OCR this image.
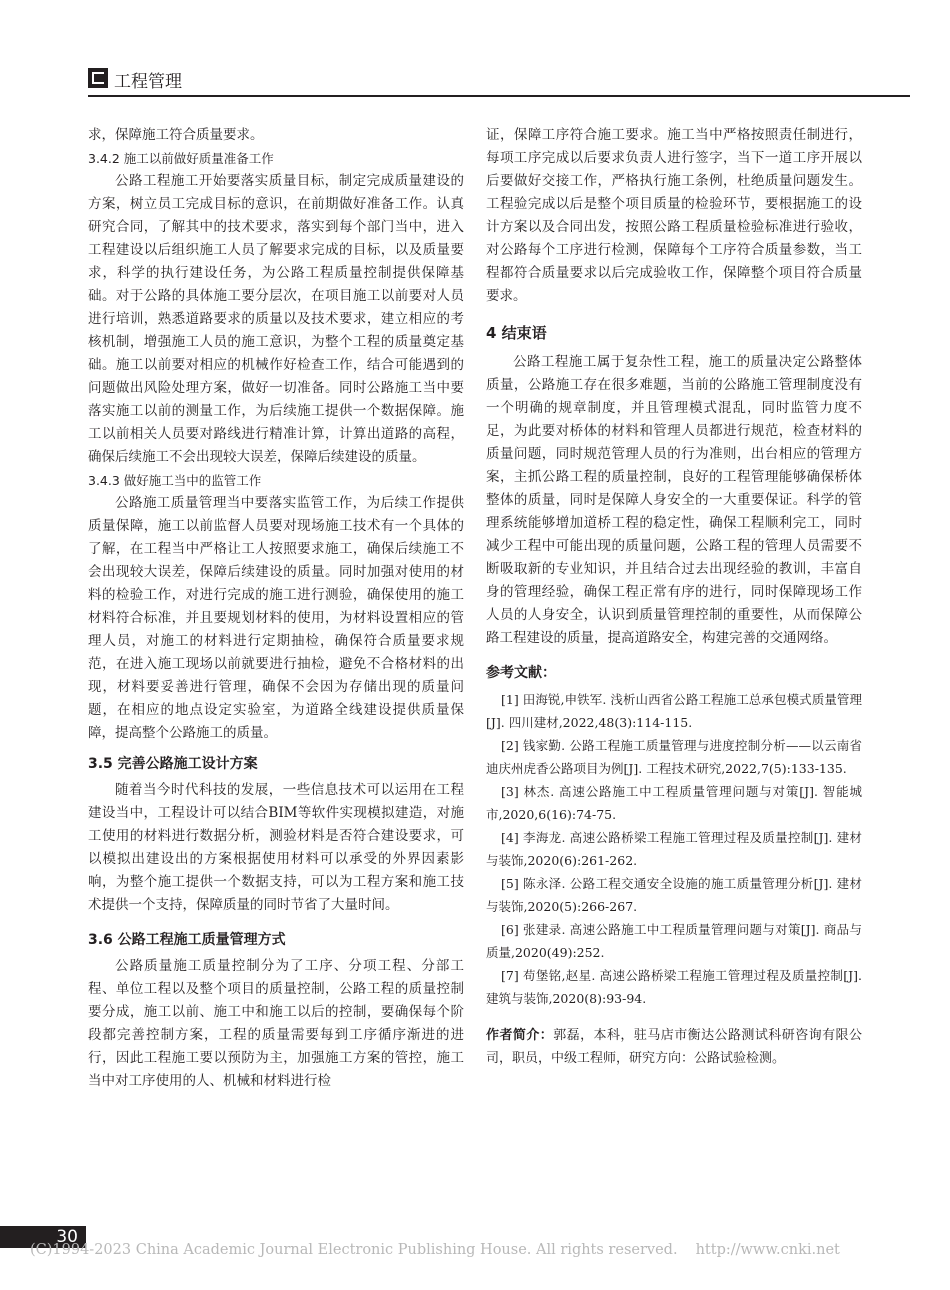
工程管理

求，保障施工符合质量要求。

3.4.2 施工以前做好质量准备工作

公路工程施工开始要落实质量目标，制定完成质量建设的方案，树立员工完成目标的意识，在前期做好准备工作。认真研究合同，了解其中的技术要求，落实到每个部门当中，进入工程建设以后组织施工人员了解要求完成的目标，以及质量要求，科学的执行建设任务，为公路工程质量控制提供保障基础。对于公路的具体施工要分层次，在项目施工以前要对人员进行培训，熟悉道路要求的质量以及技术要求，建立相应的考核机制，增强施工人员的施工意识，为整个工程的质量奠定基础。施工以前要对相应的机械作好检查工作，结合可能遇到的问题做出风险处理方案，做好一切准备。同时公路施工当中要落实施工以前的测量工作，为后续施工提供一个数据保障。施工以前相关人员要对路线进行精准计算，计算出道路的高程，确保后续施工不会出现较大误差，保障后续建设的质量。

3.4.3 做好施工当中的监管工作

公路施工质量管理当中要落实监管工作，为后续工作提供质量保障，施工以前监督人员要对现场施工技术有一个具体的了解，在工程当中严格让工人按照要求施工，确保后续施工不会出现较大误差，保障后续建设的质量。同时加强对使用的材料的检验工作，对进行完成的施工进行测验，确保使用的施工材料符合标准，并且要规划材料的使用，为材料设置相应的管理人员，对施工的材料进行定期抽检，确保符合质量要求规范，在进入施工现场以前就要进行抽检，避免不合格材料的出现，材料要妥善进行管理，确保不会因为存储出现的质量问题，在相应的地点设定实验室，为道路全线建设提供质量保障，提高整个公路施工的质量。

3.5 完善公路施工设计方案

随着当今时代科技的发展，一些信息技术可以运用在工程建设当中，工程设计可以结合BIM等软件实现模拟建造，对施工使用的材料进行数据分析，测验材料是否符合建设要求，可以模拟出建设出的方案根据使用材料可以承受的外界因素影响，为整个施工提供一个数据支持，可以为工程方案和施工技术提供一个支持，保障质量的同时节省了大量时间。

3.6 公路工程施工质量管理方式

公路质量施工质量控制分为了工序、分项工程、分部工程、单位工程以及整个项目的质量控制，公路工程的质量控制要分成，施工以前、施工中和施工以后的控制，要确保每个阶段都完善控制方案，工程的质量需要每到工序循序渐进的进行，因此工程施工要以预防为主，加强施工方案的管控，施工当中对工序使用的人、机械和材料进行检

证，保障工序符合施工要求。施工当中严格按照责任制进行，每项工序完成以后要求负责人进行签字，当下一道工序开展以后要做好交接工作，严格执行施工条例，杜绝质量问题发生。工程验完成以后是整个项目质量的检验环节，要根据施工的设计方案以及合同出发，按照公路工程质量检验标准进行验收，对公路每个工序进行检测，保障每个工序符合质量参数，当工程都符合质量要求以后完成验收工作，保障整个项目符合质量要求。

4 结束语

公路工程施工属于复杂性工程，施工的质量决定公路整体质量，公路施工存在很多难题，当前的公路施工管理制度没有一个明确的规章制度，并且管理模式混乱，同时监管力度不足，为此要对桥体的材料和管理人员都进行规范，检查材料的质量问题，同时规范管理人员的行为准则，出台相应的管理方案，主抓公路工程的质量控制，良好的工程管理能够确保桥体整体的质量，同时是保障人身安全的一大重要保证。科学的管理系统能够增加道桥工程的稳定性，确保工程顺利完工，同时减少工程中可能出现的质量问题，公路工程的管理人员需要不断吸取新的专业知识，并且结合过去出现经验的教训，丰富自身的管理经验，确保工程正常有序的进行，同时保障现场工作人员的人身安全，认识到质量管理控制的重要性，从而保障公路工程建设的质量，提高道路安全，构建完善的交通网络。

参考文献：

[1] 田海锐,申铁军. 浅析山西省公路工程施工总承包模式质量管理[J]. 四川建材,2022,48(3):114-115.

[2] 钱家勤. 公路工程施工质量管理与进度控制分析——以云南省迪庆州虎香公路项目为例[J]. 工程技术研究,2022,7(5):133-135.

[3] 林杰. 高速公路施工中工程质量管理问题与对策[J]. 智能城市,2020,6(16):74-75.

[4] 李海龙. 高速公路桥梁工程施工管理过程及质量控制[J]. 建材与装饰,2020(6):261-262.

[5] 陈永泽. 公路工程交通安全设施的施工质量管理分析[J]. 建材与装饰,2020(5):266-267.

[6] 张建录. 高速公路施工中工程质量管理问题与对策[J]. 商品与质量,2020(49):252.

[7] 苟堡铭,赵星. 高速公路桥梁工程施工管理过程及质量控制[J]. 建筑与装饰,2020(8):93-94.

作者简介：郭磊，本科，驻马店市衡达公路测试科研咨询有限公司，职员，中级工程师，研究方向：公路试验检测。

30
(C)1994-2023 China Academic Journal Electronic Publishing House. All rights reserved. http://www.cnki.net
